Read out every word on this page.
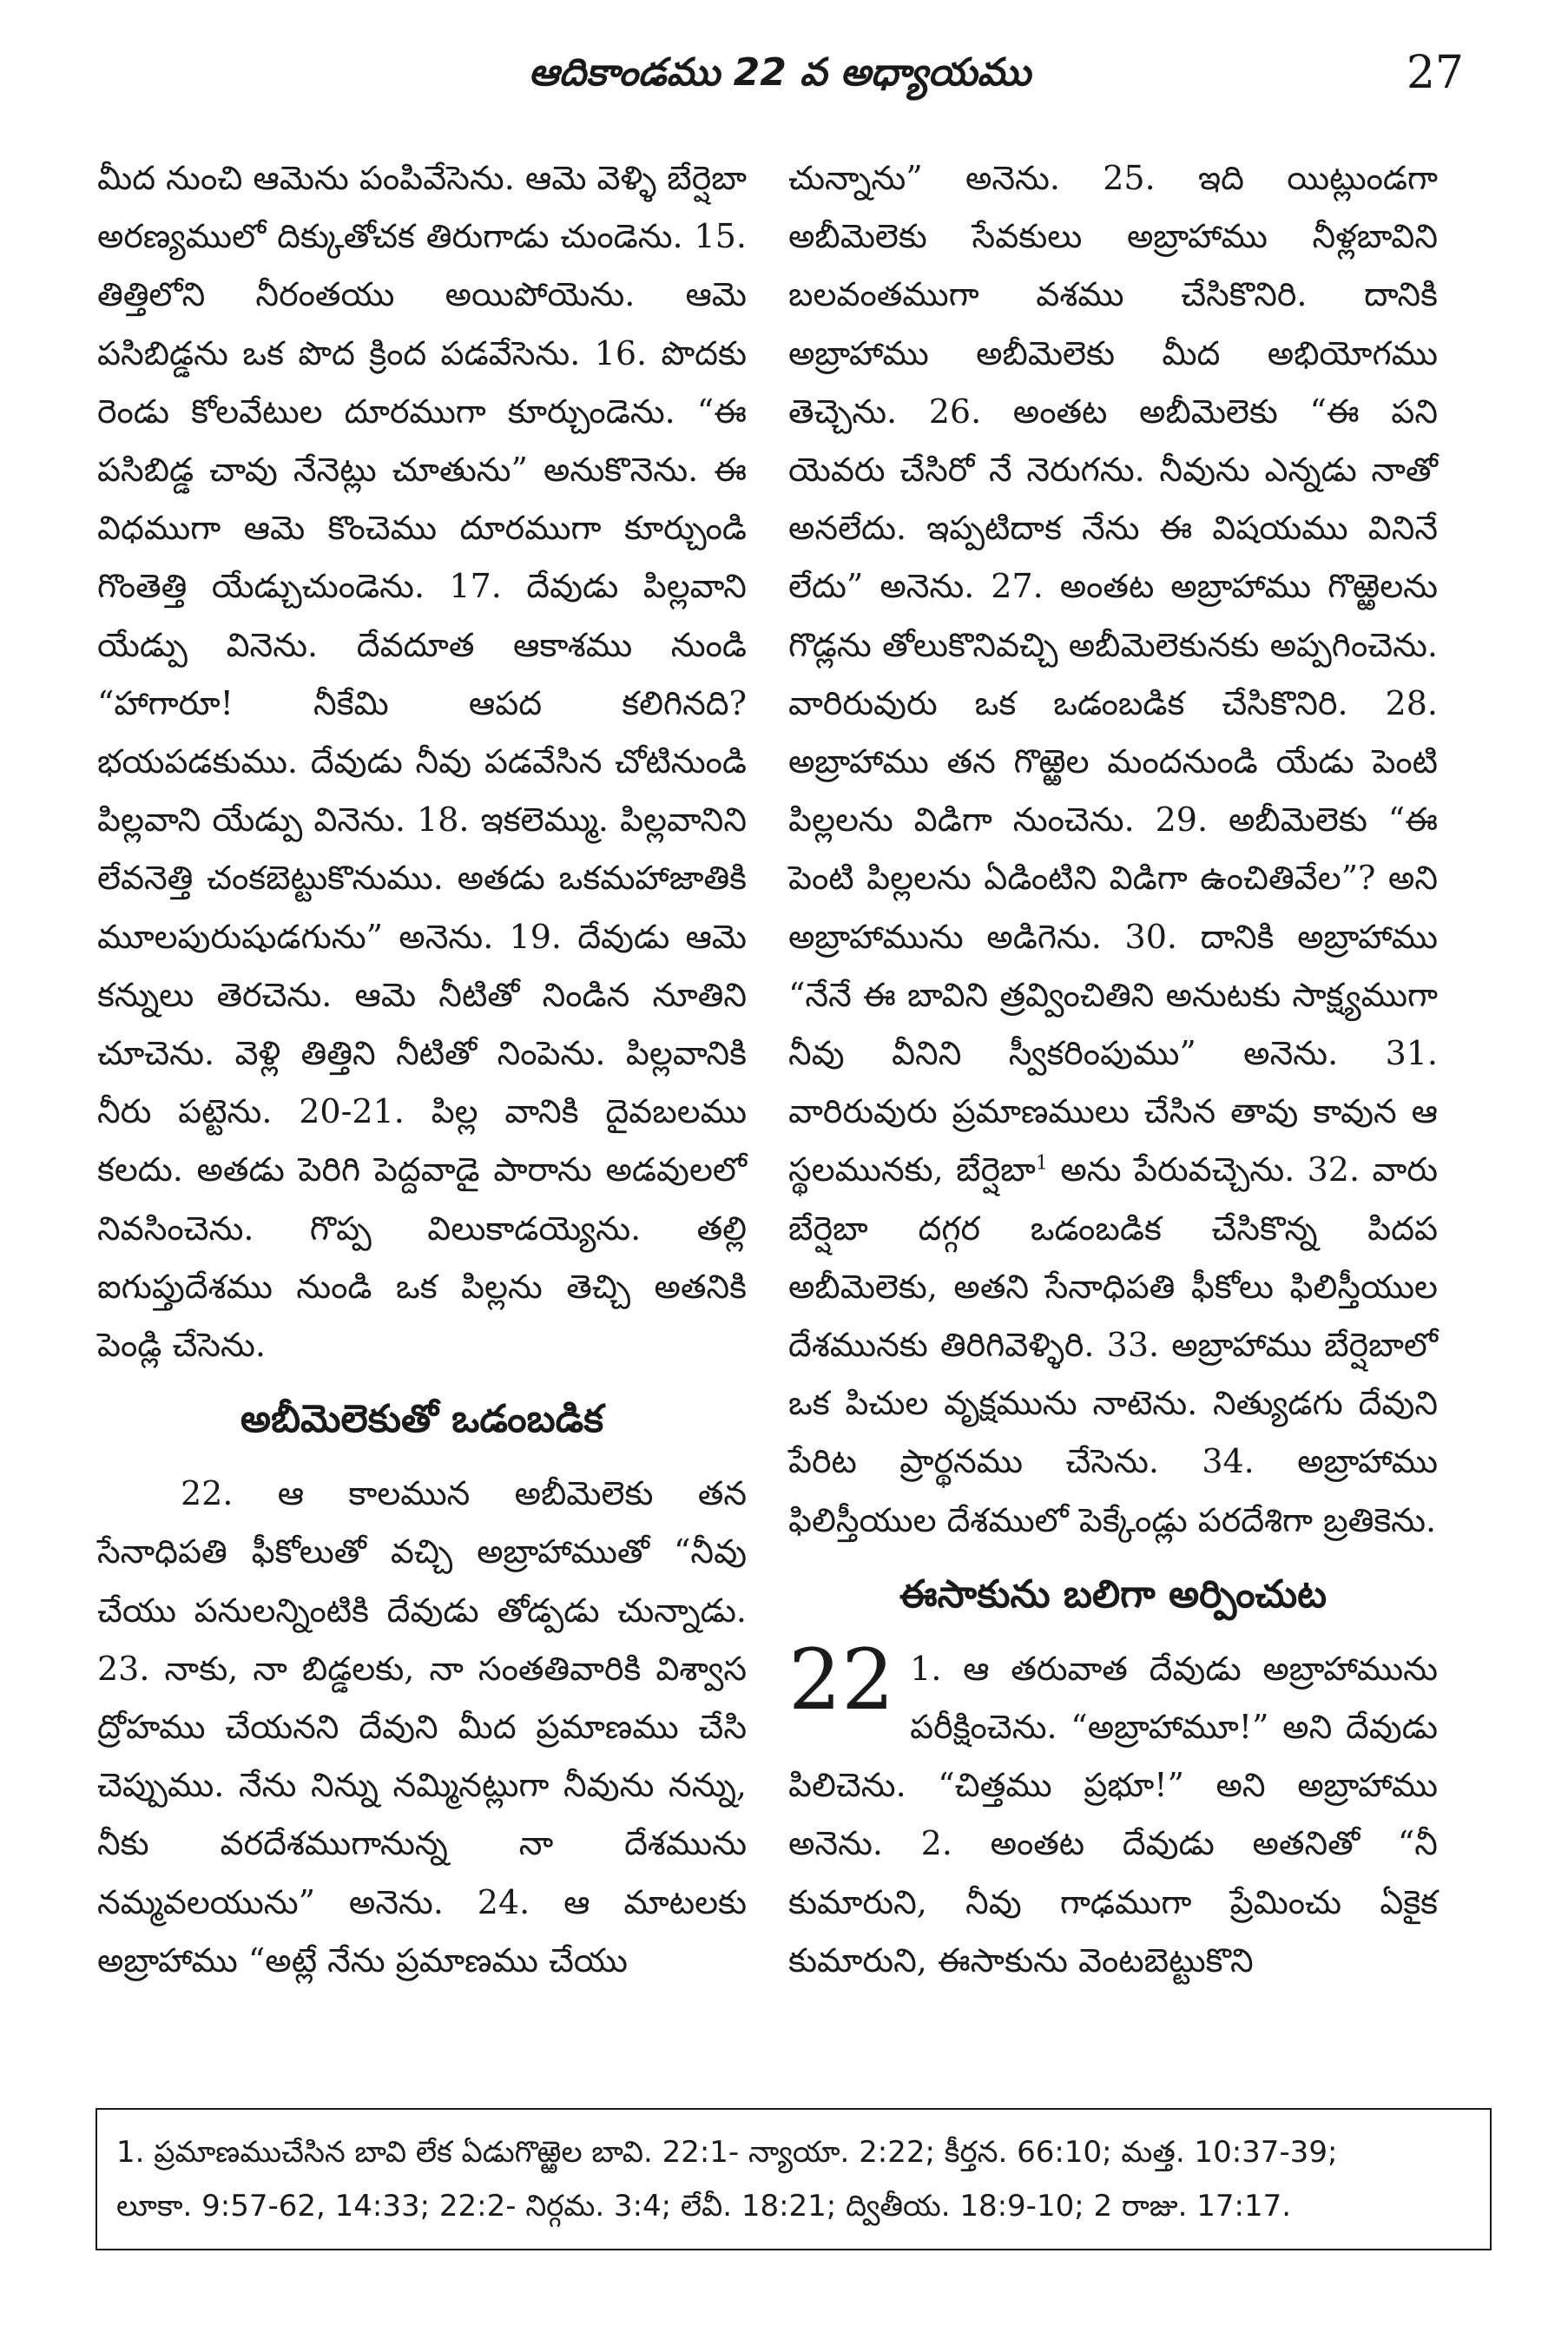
ఆదికాండము 22 వ అధ్యాయము	27

మీద నుంచి ఆమెను పంపివేసెను. ఆమె వెళ్ళి బేర్షెబా అరణ్యములో దిక్కుతోచక తిరుగాడు చుండెను. 15. తిత్తిలోని నీరంతయు అయిపోయెను. ఆమె పసిబిడ్డను ఒక పొద క్రింద పడవేసెను. 16. పొదకు రెండు కోలవేటుల దూరముగా కూర్చుండెను. “ఈ పసిబిడ్డ చావు నేనెట్లు చూతును” అనుకొనెను. ఈ విధముగా ఆమె కొంచెము దూరముగా కూర్చుండి గొంతెత్తి యేడ్చుచుండెను. 17. దేవుడు పిల్లవాని యేడ్పు వినెను. దేవదూత ఆకాశము నుండి “హాగారూ! నీకేమి ఆపద కలిగినది? భయపడకుము. దేవుడు నీవు పడవేసిన చోటినుండి పిల్లవాని యేడ్పు వినెను. 18. ఇకలెమ్ము. పిల్లవానిని లేవనెత్తి చంకబెట్టుకొనుము. అతడు ఒకమహాజాతికి మూలపురుషుడగును” అనెను. 19. దేవుడు ఆమె కన్నులు తెరచెను. ఆమె నీటితో నిండిన నూతిని చూచెను. వెళ్లి తిత్తిని నీటితో నింపెను. పిల్లవానికి నీరు పట్టెను. 20-21. పిల్ల వానికి దైవబలము కలదు. అతడు పెరిగి పెద్దవాడై పారాను అడవులలో నివసించెను. గొప్ప విలుకాడయ్యెను. తల్లి ఐగుప్తుదేశము నుండి ఒక పిల్లను తెచ్చి అతనికి పెండ్లి చేసెను.

అబీమెలెకుతో ఒడంబడిక

22. ఆ కాలమున అబీమెలెకు తన సేనాధిపతి ఫీకోలుతో వచ్చి అబ్రాహాముతో “నీవు చేయు పనులన్నింటికి దేవుడు తోడ్పడు చున్నాడు. 23. నాకు, నా బిడ్డలకు, నా సంతతివారికి విశ్వాస ద్రోహము చేయనని దేవుని మీద ప్రమాణము చేసి చెప్పుము. నేను నిన్ను నమ్మినట్లుగా నీవును నన్ను, నీకు వరదేశముగానున్న నా దేశమును నమ్మవలయును” అనెను. 24. ఆ మాటలకు అబ్రాహాము “అట్లే నేను ప్రమాణము చేయు

చున్నాను” అనెను. 25. ఇది యిట్లుండగా అబీమెలెకు సేవకులు అబ్రాహాము నీళ్లబావిని బలవంతముగా వశము చేసికొనిరి. దానికి అబ్రాహాము అబీమెలెకు మీద అభియోగము తెచ్చెను. 26. అంతట అబీమెలెకు “ఈ పని యెవరు చేసిరో నే నెరుగను. నీవును ఎన్నడు నాతో అనలేదు. ఇప్పటిదాక నేను ఈ విషయము వినినే లేదు” అనెను. 27. అంతట అబ్రాహాము గొఱ్ఱెలను గొడ్లను తోలుకొనివచ్చి అబీమెలెకునకు అప్పగించెను. వారిరువురు ఒక ఒడంబడిక చేసికొనిరి. 28. అబ్రాహాము తన గొఱ్ఱెల మందనుండి యేడు పెంటి పిల్లలను విడిగా నుంచెను. 29. అబీమెలెకు “ఈ పెంటి పిల్లలను ఏడింటిని విడిగా ఉంచితివేల”? అని అబ్రాహామును అడిగెను. 30. దానికి అబ్రాహాము “నేనే ఈ బావిని త్రవ్వించితిని అనుటకు సాక్ష్యముగా నీవు వీనిని స్వీకరింపుము” అనెను. 31. వారిరువురు ప్రమాణములు చేసిన తావు కావున ఆ స్థలమునకు, బేర్షెబా$^1$ అను పేరువచ్చెను. 32. వారు బేర్షెబా దగ్గర ఒడంబడిక చేసికొన్న పిదప అబీమెలెకు, అతని సేనాధిపతి ఫీకోలు ఫిలిస్తీయుల దేశమునకు తిరిగివెళ్ళిరి. 33. అబ్రాహాము బేర్షెబాలో ఒక పిచుల వృక్షమును నాటెను. నిత్యుడగు దేవుని పేరిట ప్రార్థనము చేసెను. 34. అబ్రాహాము ఫిలిస్తీయుల దేశములో పెక్కేండ్లు పరదేశిగా బ్రతికెను.

ఈసాకును బలిగా అర్పించుట

22 1. ఆ తరువాత దేవుడు అబ్రాహామును పరీక్షించెను. “అబ్రాహామూ!” అని దేవుడు పిలిచెను. “చిత్తము ప్రభూ!” అని అబ్రాహాము అనెను. 2. అంతట దేవుడు అతనితో “నీ కుమారుని, నీవు గాఢముగా ప్రేమించు ఏకైక కుమారుని, ఈసాకును వెంటబెట్టుకొని

1. ప్రమాణముచేసిన బావి లేక ఏడుగొఱ్ఱెల బావి. 22:1- న్యాయా. 2:22; కీర్తన. 66:10; మత్త. 10:37-39;

లూకా. 9:57-62, 14:33; 22:2- నిర్గమ. 3:4; లేవీ. 18:21; ద్వితీయ. 18:9-10; 2 రాజు. 17:17.
